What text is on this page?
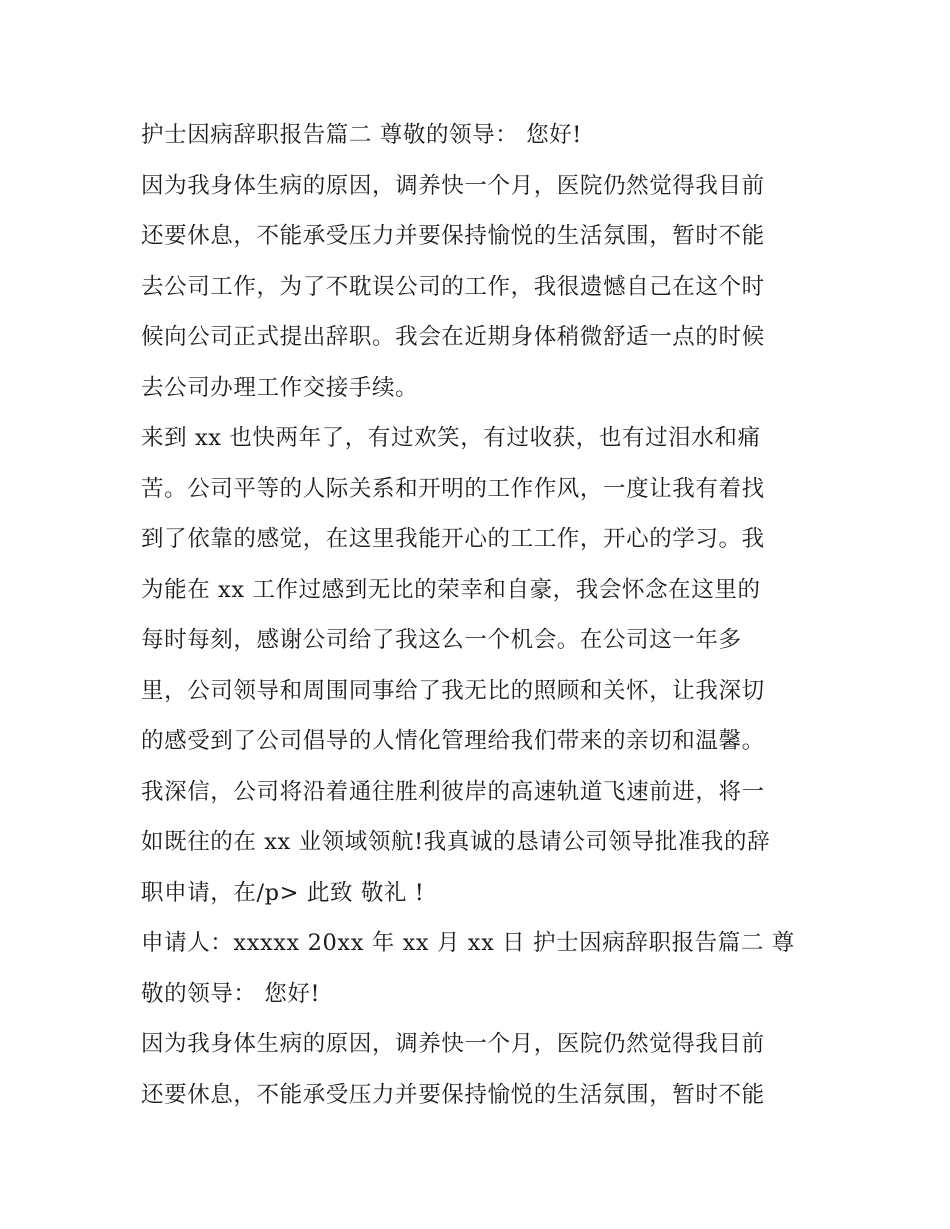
护士因病辞职报告篇二 尊敬的领导： 您好!
因为我身体生病的原因，调养快一个月，医院仍然觉得我目前
还要休息，不能承受压力并要保持愉悦的生活氛围，暂时不能
去公司工作，为了不耽误公司的工作，我很遗憾自己在这个时
候向公司正式提出辞职。我会在近期身体稍微舒适一点的时候
去公司办理工作交接手续。
来到 xx 也快两年了，有过欢笑，有过收获，也有过泪水和痛
苦。公司平等的人际关系和开明的工作作风，一度让我有着找
到了依靠的感觉，在这里我能开心的工工作，开心的学习。我
为能在 xx 工作过感到无比的荣幸和自豪，我会怀念在这里的
每时每刻，感谢公司给了我这么一个机会。在公司这一年多
里，公司领导和周围同事给了我无比的照顾和关怀，让我深切
的感受到了公司倡导的人情化管理给我们带来的亲切和温馨。
我深信，公司将沿着通往胜利彼岸的高速轨道飞速前进，将一
如既往的在 xx 业领域领航!我真诚的恳请公司领导批准我的辞
职申请，在/p> 此致 敬礼 !
申请人：xxxxx 20xx 年 xx 月 xx 日 护士因病辞职报告篇二 尊
敬的领导： 您好!
因为我身体生病的原因，调养快一个月，医院仍然觉得我目前
还要休息，不能承受压力并要保持愉悦的生活氛围，暂时不能
